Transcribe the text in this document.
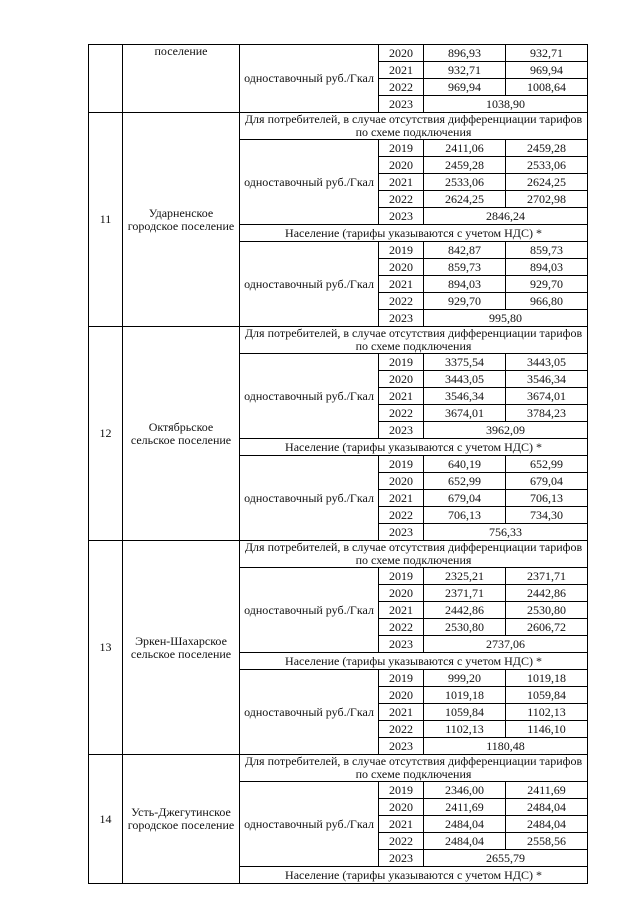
	поселение	одноставочный руб./Гкал	2020	896,93	932,71
			2021	932,71	969,94
			2022	969,94	1008,64
			2023	1038,90	
11	Ударненское городское поселение	Для потребителей, в случае отсутствия дифференциации тарифов по схеме подключения			
		одноставочный руб./Гкал	2019	2411,06	2459,28
			2020	2459,28	2533,06
			2021	2533,06	2624,25
			2022	2624,25	2702,98
			2023	2846,24	
		Население (тарифы указываются с учетом НДС) *			
		одноставочный руб./Гкал	2019	842,87	859,73
			2020	859,73	894,03
			2021	894,03	929,70
			2022	929,70	966,80
			2023	995,80	
12	Октябрьское сельское поселение	Для потребителей, в случае отсутствия дифференциации тарифов по схеме подключения			
		одноставочный руб./Гкал	2019	3375,54	3443,05
			2020	3443,05	3546,34
			2021	3546,34	3674,01
			2022	3674,01	3784,23
			2023	3962,09	
		Население (тарифы указываются с учетом НДС) *			
		одноставочный руб./Гкал	2019	640,19	652,99
			2020	652,99	679,04
			2021	679,04	706,13
			2022	706,13	734,30
			2023	756,33	
13	Эркен-Шахарское сельское поселение	Для потребителей, в случае отсутствия дифференциации тарифов по схеме подключения			
		одноставочный руб./Гкал	2019	2325,21	2371,71
			2020	2371,71	2442,86
			2021	2442,86	2530,80
			2022	2530,80	2606,72
			2023	2737,06	
		Население (тарифы указываются с учетом НДС) *			
		одноставочный руб./Гкал	2019	999,20	1019,18
			2020	1019,18	1059,84
			2021	1059,84	1102,13
			2022	1102,13	1146,10
			2023	1180,48	
14	Усть-Джегутинское городское поселение	Для потребителей, в случае отсутствия дифференциации тарифов по схеме подключения			
		одноставочный руб./Гкал	2019	2346,00	2411,69
			2020	2411,69	2484,04
			2021	2484,04	2484,04
			2022	2484,04	2558,56
			2023	2655,79	
		Население (тарифы указываются с учетом НДС) *			
